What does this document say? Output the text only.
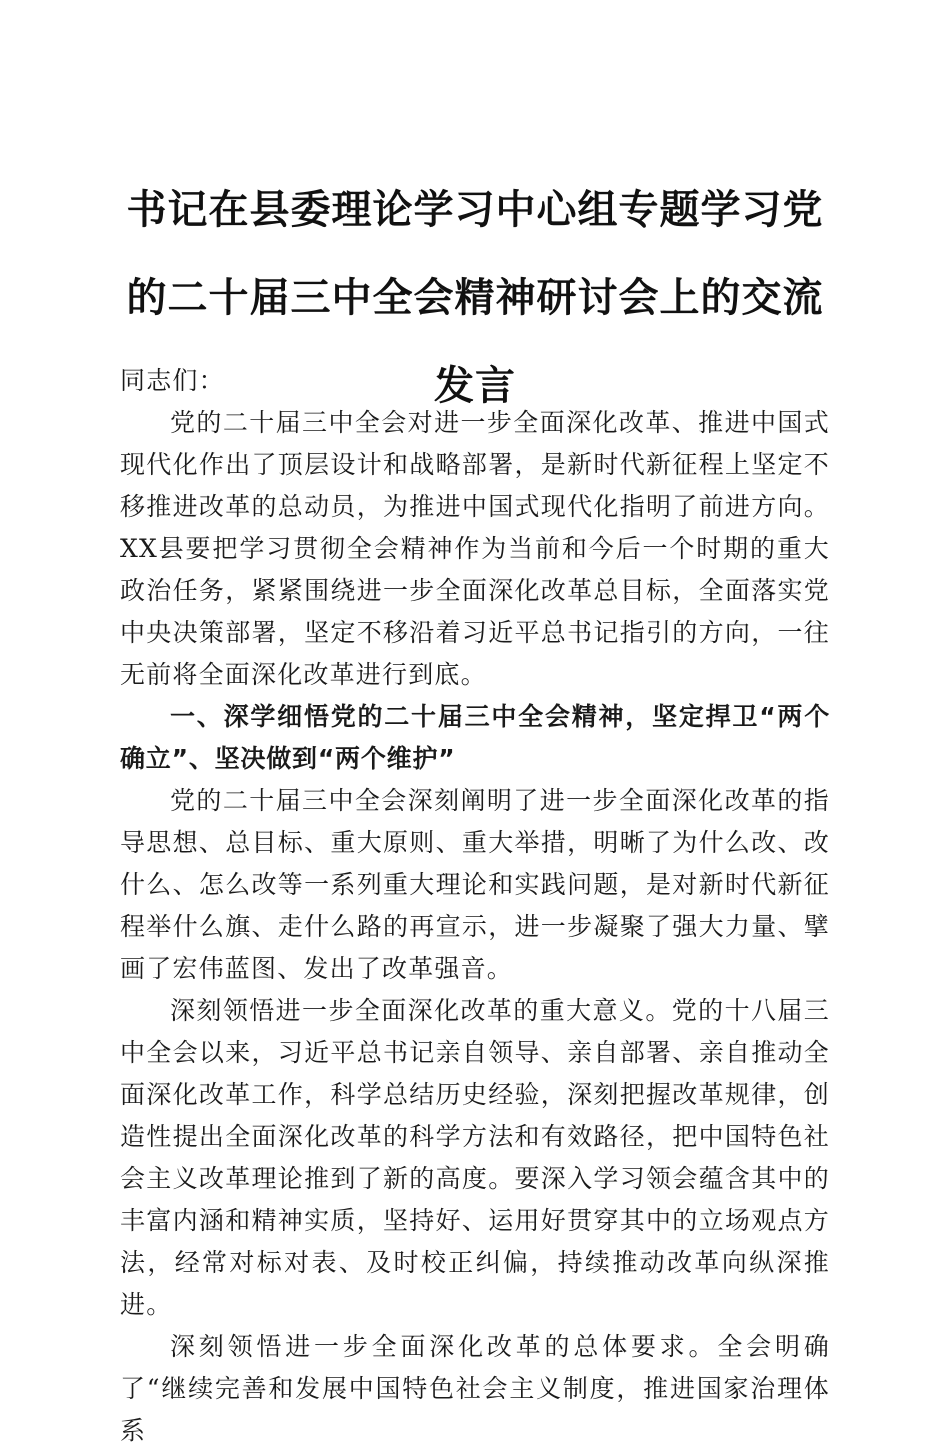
书记在县委理论学习中心组专题学习党的二十届三中全会精神研讨会上的交流发言

同志们：

党的二十届三中全会对进一步全面深化改革、推进中国式现代化作出了顶层设计和战略部署，是新时代新征程上坚定不移推进改革的总动员，为推进中国式现代化指明了前进方向。XX县要把学习贯彻全会精神作为当前和今后一个时期的重大政治任务，紧紧围绕进一步全面深化改革总目标，全面落实党中央决策部署，坚定不移沿着习近平总书记指引的方向，一往无前将全面深化改革进行到底。

一、深学细悟党的二十届三中全会精神，坚定捍卫“两个确立”、坚决做到“两个维护”

党的二十届三中全会深刻阐明了进一步全面深化改革的指导思想、总目标、重大原则、重大举措，明晰了为什么改、改什么、怎么改等一系列重大理论和实践问题，是对新时代新征程举什么旗、走什么路的再宣示，进一步凝聚了强大力量、擘画了宏伟蓝图、发出了改革强音。

深刻领悟进一步全面深化改革的重大意义。党的十八届三中全会以来，习近平总书记亲自领导、亲自部署、亲自推动全面深化改革工作，科学总结历史经验，深刻把握改革规律，创造性提出全面深化改革的科学方法和有效路径，把中国特色社会主义改革理论推到了新的高度。要深入学习领会蕴含其中的丰富内涵和精神实质，坚持好、运用好贯穿其中的立场观点方法，经常对标对表、及时校正纠偏，持续推动改革向纵深推进。

深刻领悟进一步全面深化改革的总体要求。全会明确了“继续完善和发展中国特色社会主义制度，推进国家治理体系
